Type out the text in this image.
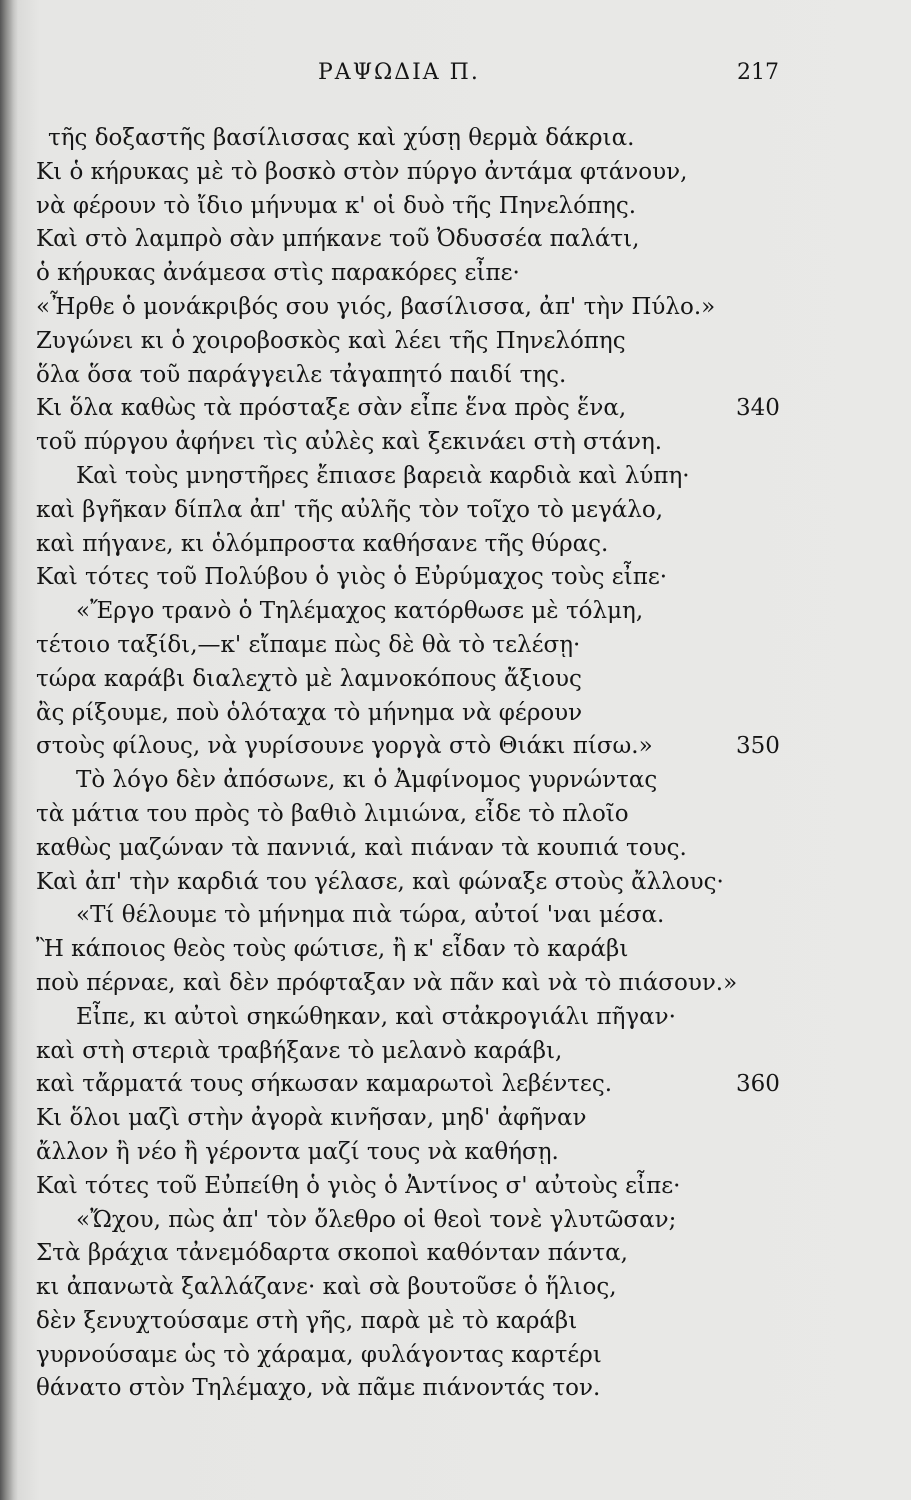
ΡΑΨΩΔΙΑ Π.	217
τῆς δοξαστῆς βασίλισσας καὶ χύσῃ θερμὰ δάκρια.
Κι ὁ κήρυκας μὲ τὸ βοσκὸ στὸν πύργο ἀντάμα φτάνουν,
νὰ φέρουν τὸ ἴδιο μήνυμα κ' οἱ δυὸ τῆς Πηνελόπης.
Καὶ στὸ λαμπρὸ σὰν μπήκανε τοῦ Ὀδυσσέα παλάτι,
ὁ κήρυκας ἀνάμεσα στὶς παρακόρες εἶπε·
«Ἦρθε ὁ μονάκριβός σου γιός, βασίλισσα, ἀπ' τὴν Πύλο.»
Ζυγώνει κι ὁ χοιροβοσκὸς καὶ λέει τῆς Πηνελόπης
ὅλα ὅσα τοῦ παράγγειλε τἀγαπητό παιδί της.
Κι ὅλα καθὼς τὰ πρόσταξε σὰν εἶπε ἕνα πρὸς ἕνα,	340
τοῦ πύργου ἀφήνει τὶς αὐλὲς καὶ ξεκινάει στὴ στάνη.
Καὶ τοὺς μνηστῆρες ἔπιασε βαρειὰ καρδιὰ καὶ λύπη·
καὶ βγῆκαν δίπλα ἀπ' τῆς αὐλῆς τὸν τοῖχο τὸ μεγάλο,
καὶ πήγανε, κι ὁλόμπροστα καθήσανε τῆς θύρας.
Καὶ τότες τοῦ Πολύβου ὁ γιὸς ὁ Εὐρύμαχος τοὺς εἶπε·
«Ἔργο τρανὸ ὁ Τηλέμαχος κατόρθωσε μὲ τόλμη,
τέτοιο ταξίδι,—κ' εἴπαμε πὼς δὲ θὰ τὸ τελέσῃ·
τώρα καράβι διαλεχτὸ μὲ λαμνοκόπους ἄξιους
ἂς ρίξουμε, ποὺ ὁλόταχα τὸ μήνημα νὰ φέρουν
στοὺς φίλους, νὰ γυρίσουνε γοργὰ στὸ Θιάκι πίσω.»	350
Τὸ λόγο δὲν ἀπόσωνε, κι ὁ Ἀμφίνομος γυρνώντας
τὰ μάτια του πρὸς τὸ βαθιὸ λιμιώνα, εἶδε τὸ πλοῖο
καθὼς μαζώναν τὰ παννιά, καὶ πιάναν τὰ κουπιά τους.
Καὶ ἀπ' τὴν καρδιά του γέλασε, καὶ φώναξε στοὺς ἄλλους·
«Τί θέλουμε τὸ μήνημα πιὰ τώρα, αὐτοί 'ναι μέσα.
Ἢ κάποιος θεὸς τοὺς φώτισε, ἢ κ' εἶδαν τὸ καράβι
ποὺ πέρναε, καὶ δὲν πρόφταξαν νὰ πᾶν καὶ νὰ τὸ πιάσουν.»
Εἶπε, κι αὐτοὶ σηκώθηκαν, καὶ στἀκρογιάλι πῆγαν·
καὶ στὴ στεριὰ τραβήξανε τὸ μελανὸ καράβι,
καὶ τἄρματά τους σήκωσαν καμαρωτοὶ λεβέντες.	360
Κι ὅλοι μαζὶ στὴν ἀγορὰ κινῆσαν, μηδ' ἀφῆναν
ἄλλον ἢ νέο ἢ γέροντα μαζί τους νὰ καθήσῃ.
Καὶ τότες τοῦ Εὐπείθη ὁ γιὸς ὁ Ἀντίνος σ' αὐτοὺς εἶπε·
«Ὤχου, πὼς ἀπ' τὸν ὄλεθρο οἱ θεοὶ τονὲ γλυτῶσαν;
Στὰ βράχια τἀνεμόδαρτα σκοποὶ καθόνταν πάντα,
κι ἀπανωτὰ ξαλλάζανε· καὶ σὰ βουτοῦσε ὁ ἥλιος,
δὲν ξενυχτούσαμε στὴ γῆς, παρὰ μὲ τὸ καράβι
γυρνούσαμε ὡς τὸ χάραμα, φυλάγοντας καρτέρι
θάνατο στὸν Τηλέμαχο, νὰ πᾶμε πιάνοντάς τον.
